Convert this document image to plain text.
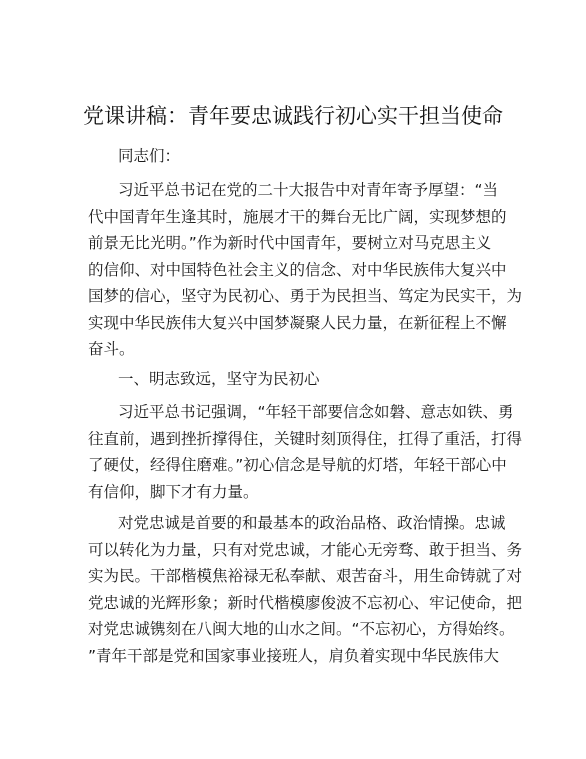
党课讲稿：青年要忠诚践行初心实干担当使命
同志们：
习近平总书记在党的二十大报告中对青年寄予厚望：“当
代中国青年生逢其时，施展才干的舞台无比广阔，实现梦想的
前景无比光明。”作为新时代中国青年，要树立对马克思主义
的信仰、对中国特色社会主义的信念、对中华民族伟大复兴中
国梦的信心，坚守为民初心、勇于为民担当、笃定为民实干，为
实现中华民族伟大复兴中国梦凝聚人民力量，在新征程上不懈
奋斗。
一、明志致远，坚守为民初心
习近平总书记强调，“年轻干部要信念如磐、意志如铁、勇
往直前，遇到挫折撑得住，关键时刻顶得住，扛得了重活，打得
了硬仗，经得住磨难。”初心信念是导航的灯塔，年轻干部心中
有信仰，脚下才有力量。
对党忠诚是首要的和最基本的政治品格、政治情操。忠诚
可以转化为力量，只有对党忠诚，才能心无旁骛、敢于担当、务
实为民。干部楷模焦裕禄无私奉献、艰苦奋斗，用生命铸就了对
党忠诚的光辉形象；新时代楷模廖俊波不忘初心、牢记使命，把
对党忠诚镌刻在八闽大地的山水之间。“不忘初心，方得始终。
”青年干部是党和国家事业接班人，肩负着实现中华民族伟大
